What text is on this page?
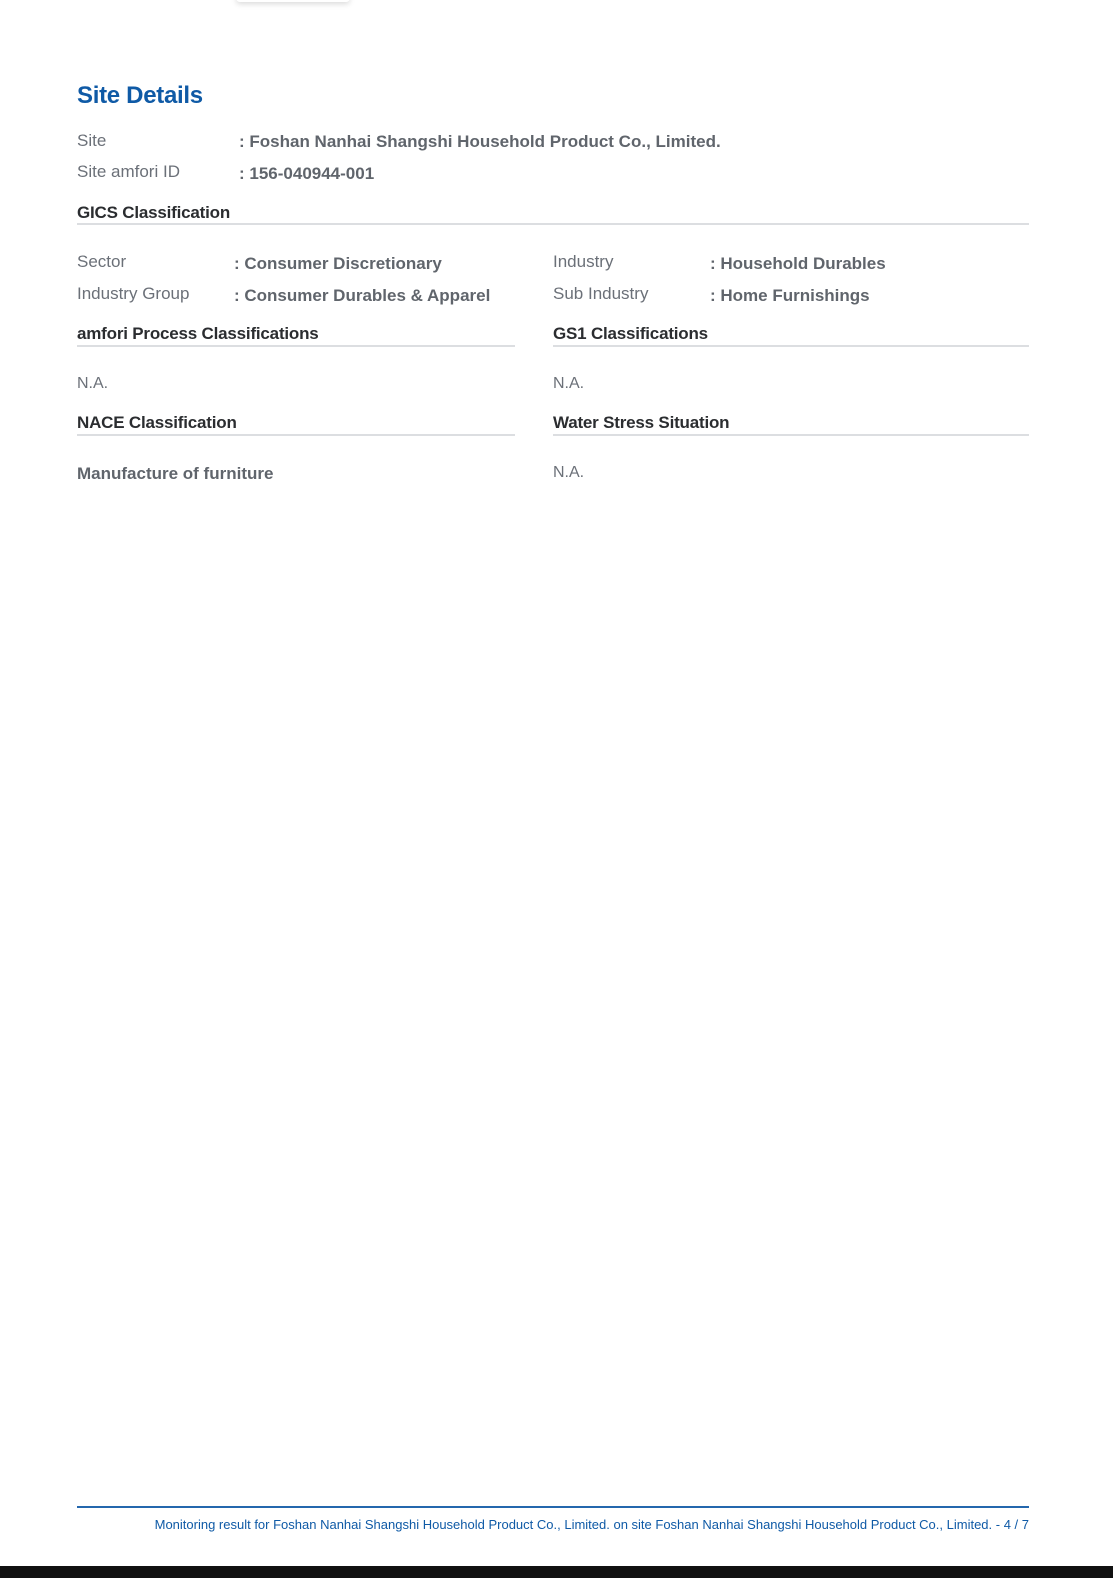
Site Details
Site	: Foshan Nanhai Shangshi Household Product Co., Limited.
Site amfori ID	: 156-040944-001
GICS Classification
Sector	: Consumer Discretionary
Industry Group	: Consumer Durables & Apparel
Industry	: Household Durables
Sub Industry	: Home Furnishings
amfori Process Classifications
N.A.
GS1 Classifications
N.A.
NACE Classification
Manufacture of furniture
Water Stress Situation
N.A.
Monitoring result for Foshan Nanhai Shangshi Household Product Co., Limited. on site Foshan Nanhai Shangshi Household Product Co., Limited. - 4 / 7
